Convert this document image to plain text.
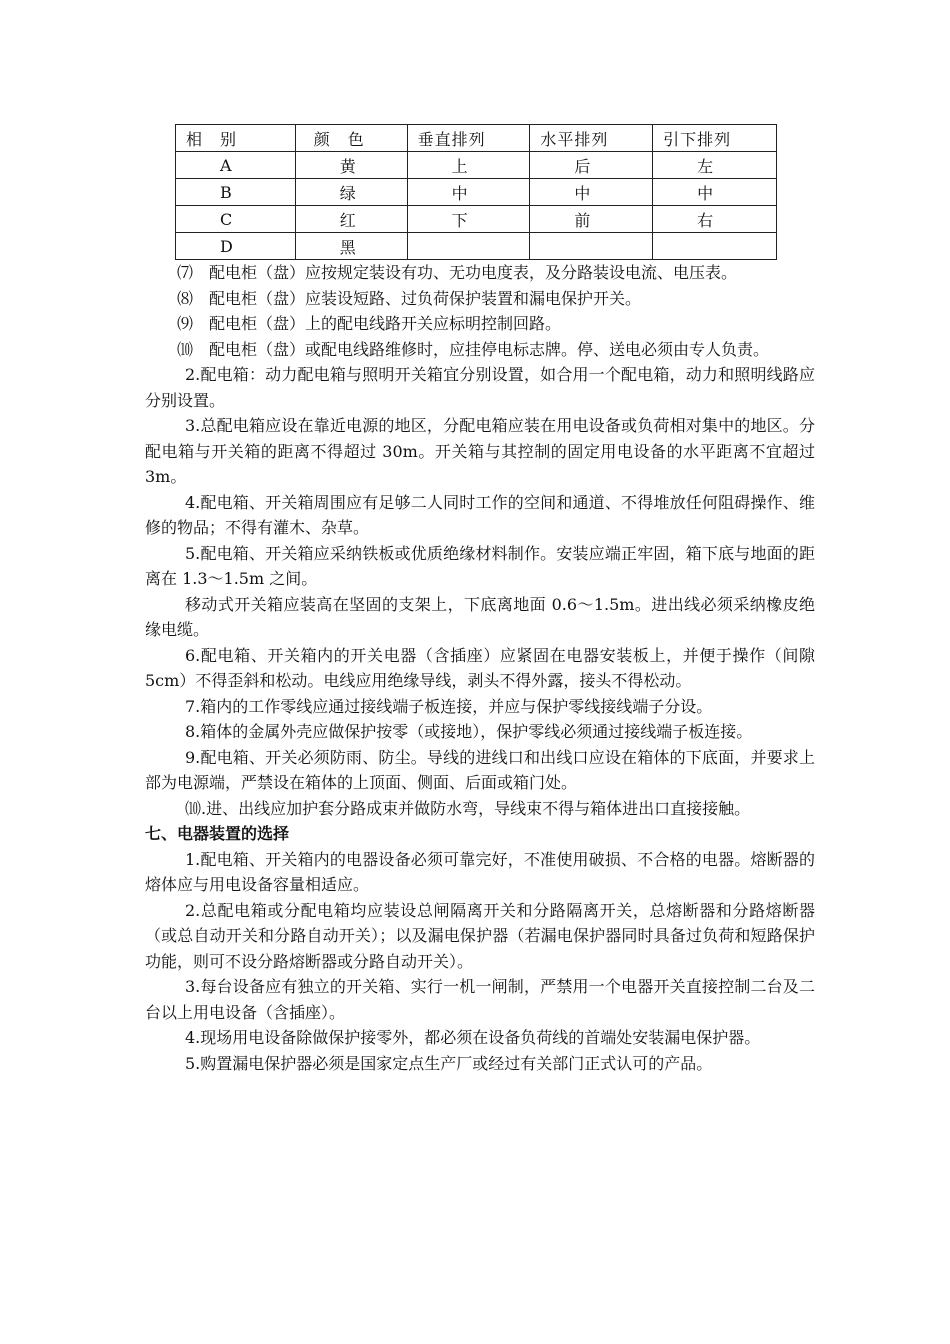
相　别	颜　色	垂直排列	水平排列	引下排列
A	黄	上	后	左
B	绿	中	中	中
C	红	下	前	右
D	黑			

⑺　配电柜（盘）应按规定装设有功、无功电度表，及分路装设电流、电压表。

⑻　配电柜（盘）应装设短路、过负荷保护装置和漏电保护开关。

⑼　配电柜（盘）上的配电线路开关应标明控制回路。

⑽　配电柜（盘）或配电线路维修时，应挂停电标志牌。停、送电必须由专人负责。

2.配电箱：动力配电箱与照明开关箱宜分别设置，如合用一个配电箱，动力和照明线路应分别设置。

3.总配电箱应设在靠近电源的地区，分配电箱应装在用电设备或负荷相对集中的地区。分配电箱与开关箱的距离不得超过 30m。开关箱与其控制的固定用电设备的水平距离不宜超过 3m。

4.配电箱、开关箱周围应有足够二人同时工作的空间和通道、不得堆放任何阻碍操作、维修的物品；不得有灌木、杂草。

5.配电箱、开关箱应采纳铁板或优质绝缘材料制作。安装应端正牢固，箱下底与地面的距离在 1.3～1.5m 之间。

移动式开关箱应装高在坚固的支架上，下底离地面 0.6～1.5m。进出线必须采纳橡皮绝缘电缆。

6.配电箱、开关箱内的开关电器（含插座）应紧固在电器安装板上，并便于操作（间隙 5cm）不得歪斜和松动。电线应用绝缘导线，剥头不得外露，接头不得松动。

7.箱内的工作零线应通过接线端子板连接，并应与保护零线接线端子分设。

8.箱体的金属外壳应做保护按零（或接地），保护零线必须通过接线端子板连接。

9.配电箱、开关必须防雨、防尘。导线的进线口和出线口应设在箱体的下底面，并要求上部为电源端，严禁设在箱体的上顶面、侧面、后面或箱门处。

⑽.进、出线应加护套分路成束并做防水弯，导线束不得与箱体进出口直接接触。

七、电器装置的选择

1.配电箱、开关箱内的电器设备必须可靠完好，不准使用破损、不合格的电器。熔断器的熔体应与用电设备容量相适应。

2.总配电箱或分配电箱均应装设总闸隔离开关和分路隔离开关，总熔断器和分路熔断器（或总自动开关和分路自动开关）；以及漏电保护器（若漏电保护器同时具备过负荷和短路保护功能，则可不设分路熔断器或分路自动开关）。

3.每台设备应有独立的开关箱、实行一机一闸制，严禁用一个电器开关直接控制二台及二台以上用电设备（含插座）。

4.现场用电设备除做保护接零外，都必须在设备负荷线的首端处安装漏电保护器。

5.购置漏电保护器必须是国家定点生产厂或经过有关部门正式认可的产品。
